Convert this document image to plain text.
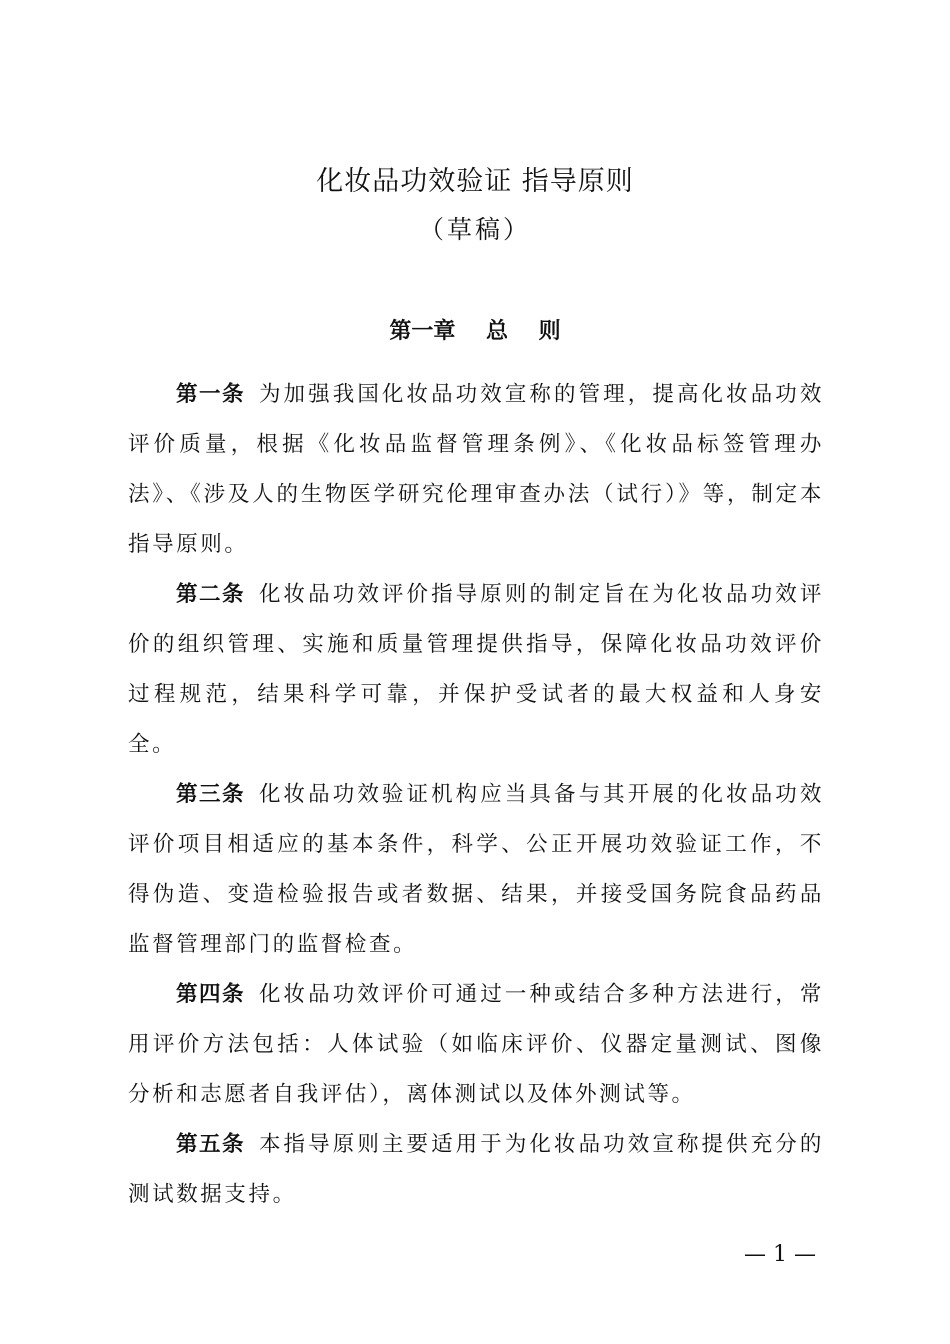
化妆品功效验证 指导原则
（草稿）
第一章    总    则

第一条 为加强我国化妆品功效宣称的管理，提高化妆品功效评价质量，根据《化妆品监督管理条例》、《化妆品标签管理办法》、《涉及人的生物医学研究伦理审查办法（试行）》等，制定本指导原则。

第二条 化妆品功效评价指导原则的制定旨在为化妆品功效评价的组织管理、实施和质量管理提供指导，保障化妆品功效评价过程规范，结果科学可靠，并保护受试者的最大权益和人身安全。

第三条 化妆品功效验证机构应当具备与其开展的化妆品功效评价项目相适应的基本条件，科学、公正开展功效验证工作，不得伪造、变造检验报告或者数据、结果，并接受国务院食品药品监督管理部门的监督检查。

第四条 化妆品功效评价可通过一种或结合多种方法进行，常用评价方法包括：人体试验（如临床评价、仪器定量测试、图像分析和志愿者自我评估），离体测试以及体外测试等。

第五条 本指导原则主要适用于为化妆品功效宣称提供充分的测试数据支持。

— 1 —
